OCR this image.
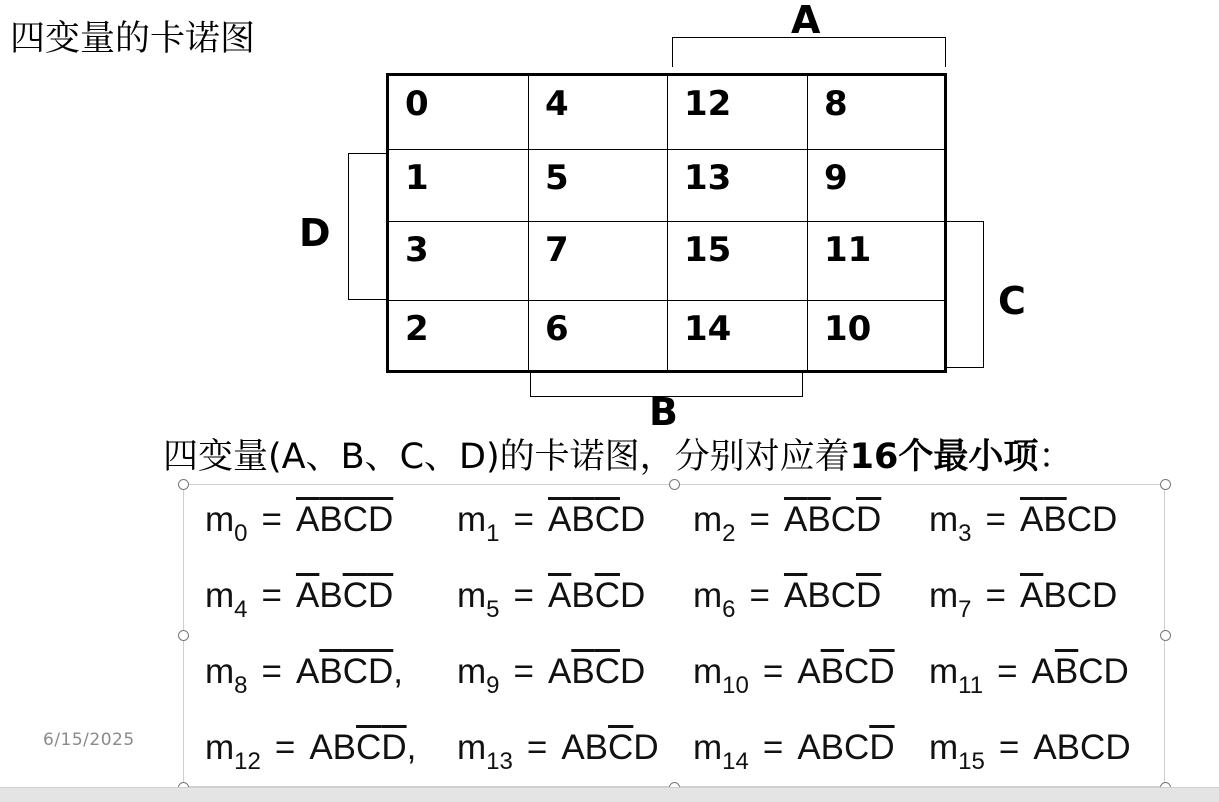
四变量的卡诺图	A
D
C
B
0	4	12	8
1	5	13	9
3	7	15	11
2	6	14	10
四变量(A、B、C、D)的卡诺图，分别对应着16个最小项：
$m_0 = \overline{A}\overline{B}\overline{C}\overline{D}$ $m_1 = \overline{A}\overline{B}\overline{C}D$ $m_2 = \overline{A}\overline{B}C\overline{D}$ $m_3 = \overline{A}\overline{B}CD$
$m_4 = \overline{A}B\overline{C}\overline{D}$ $m_5 = \overline{A}B\overline{C}D$ $m_6 = \overline{A}BC\overline{D}$ $m_7 = \overline{A}BCD$
$m_8 = A\overline{B}\overline{C}\overline{D}$, $m_9 = A\overline{B}\overline{C}D$ $m_{10} = A\overline{B}C\overline{D}$ $m_{11} = A\overline{B}CD$
$m_{12} = AB\overline{C}\overline{D}$, $m_{13} = AB\overline{C}D$ $m_{14} = ABC\overline{D}$ $m_{15}$ = ABCD
6/15/2025
